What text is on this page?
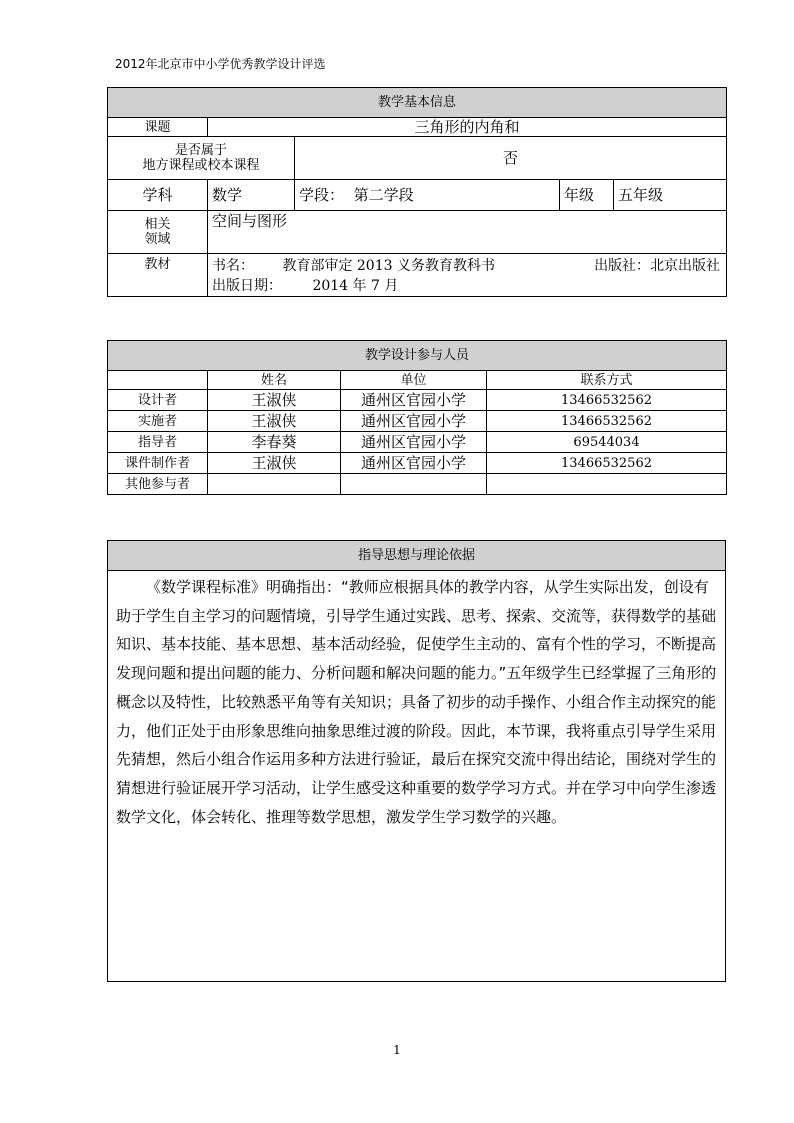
2012年北京市中小学优秀教学设计评选
教学基本信息				
课题	三角形的内角和			

是否属于
地方课程或校本课程		否		
学科	数学	学段： 第二学段	年级	五年级

相关
领域	空间与图形			
教材	书名： 教育部审定 2013 义务教育教科书 出版社：北京出版社
出版日期： 2014 年 7 月			
教学设计参与人员			
	姓名	单位	联系方式
设计者	王淑侠	通州区官园小学	13466532562
实施者	王淑侠	通州区官园小学	13466532562
指导者	李春葵	通州区官园小学	69544034
课件制作者	王淑侠	通州区官园小学	13466532562
其他参与者			
指导思想与理论依据
《数学课程标准》明确指出：“教师应根据具体的教学内容，从学生实际出发，创设有助于学生自主学习的问题情境，引导学生通过实践、思考、探索、交流等，获得数学的基础知识、基本技能、基本思想、基本活动经验，促使学生主动的、富有个性的学习，不断提高发现问题和提出问题的能力、分析问题和解决问题的能力。”五年级学生已经掌握了三角形的概念以及特性，比较熟悉平角等有关知识；具备了初步的动手操作、小组合作主动探究的能力，他们正处于由形象思维向抽象思维过渡的阶段。因此，本节课，我将重点引导学生采用先猜想，然后小组合作运用多种方法进行验证，最后在探究交流中得出结论，围绕对学生的猜想进行验证展开学习活动，让学生感受这种重要的数学学习方式。并在学习中向学生渗透数学文化，体会转化、推理等数学思想，激发学生学习数学的兴趣。
1
